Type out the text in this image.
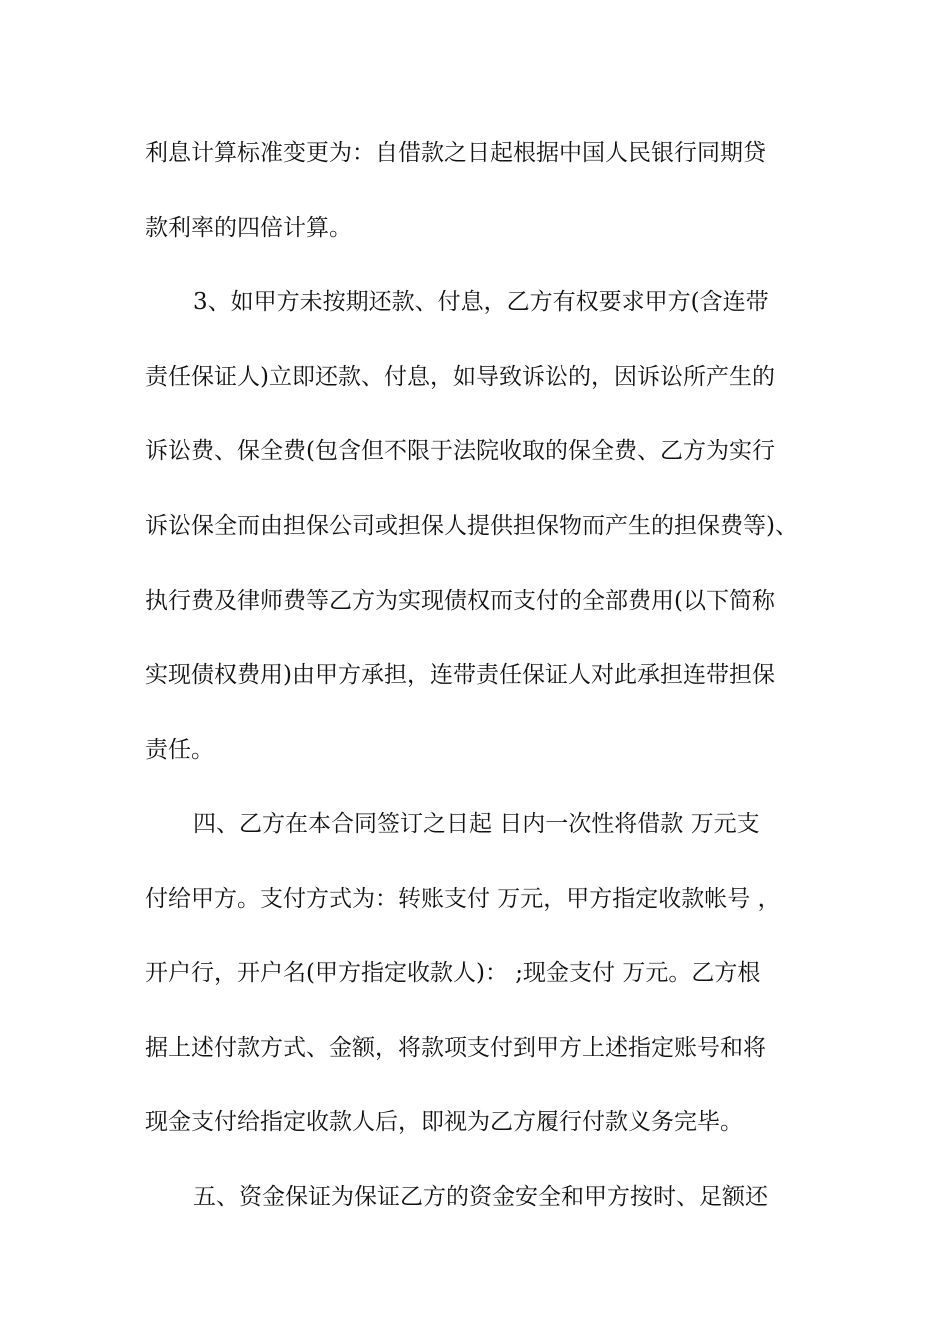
利息计算标准变更为：自借款之日起根据中国人民银行同期贷
款利率的四倍计算。
3、如甲方未按期还款、付息，乙方有权要求甲方(含连带
责任保证人)立即还款、付息，如导致诉讼的，因诉讼所产生的
诉讼费、保全费(包含但不限于法院收取的保全费、乙方为实行
诉讼保全而由担保公司或担保人提供担保物而产生的担保费等)、
执行费及律师费等乙方为实现债权而支付的全部费用(以下简称
实现债权费用)由甲方承担，连带责任保证人对此承担连带担保
责任。
四、乙方在本合同签订之日起 日内一次性将借款 万元支
付给甲方。支付方式为：转账支付 万元，甲方指定收款帐号 ，
开户行，开户名(甲方指定收款人)： ;现金支付 万元。乙方根
据上述付款方式、金额，将款项支付到甲方上述指定账号和将
现金支付给指定收款人后，即视为乙方履行付款义务完毕。
五、资金保证为保证乙方的资金安全和甲方按时、足额还
